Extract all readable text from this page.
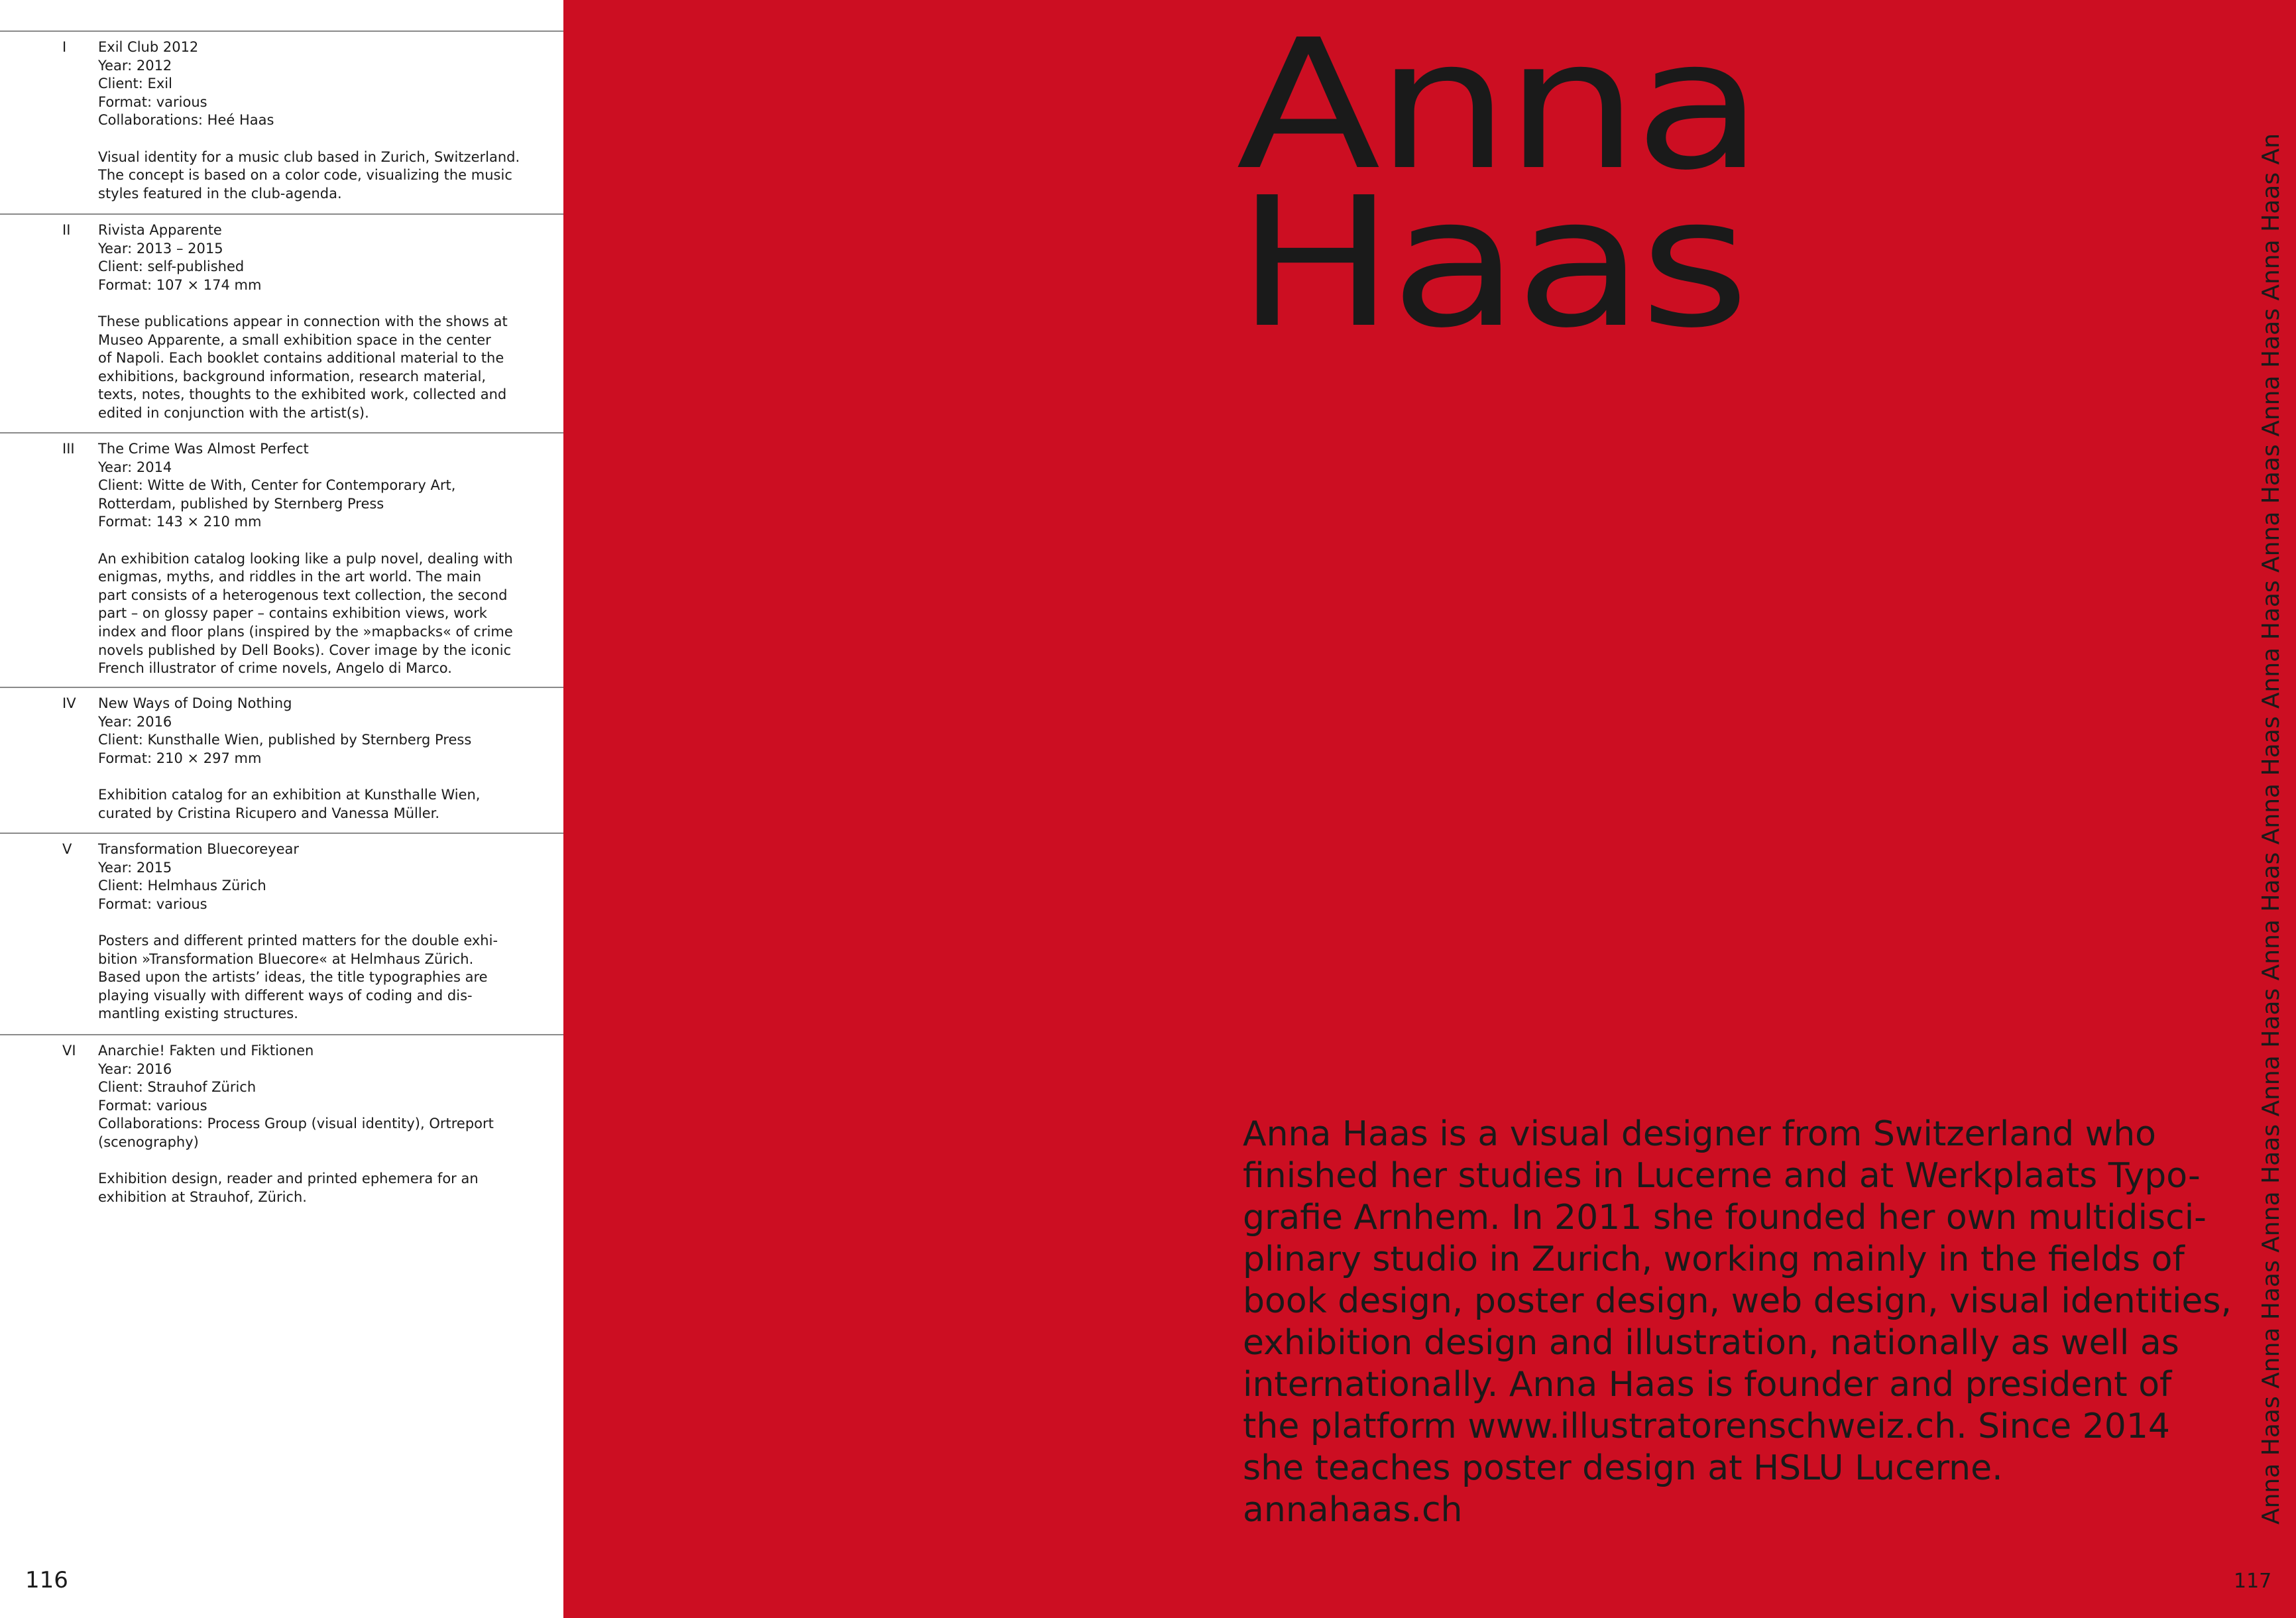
I Exil Club 2012
Year: 2012
Client: Exil
Format: various
Collaborations: Heé Haas
Visual identity for a music club based in Zurich, Switzerland.
The concept is based on a color code, visualizing the music
styles featured in the club-agenda.
II Rivista Apparente
Year: 2013 – 2015
Client: self-published
Format: 107 × 174 mm
These publications appear in connection with the shows at
Museo Apparente, a small exhibition space in the center
of Napoli. Each booklet contains additional material to the
exhibitions, background information, research material,
texts, notes, thoughts to the exhibited work, collected and
edited in conjunction with the artist(s).
III The Crime Was Almost Perfect
Year: 2014
Client: Witte de With, Center for Contemporary Art,
Rotterdam, published by Sternberg Press
Format: 143 × 210 mm
An exhibition catalog looking like a pulp novel, dealing with
enigmas, myths, and riddles in the art world. The main
part consists of a heterogenous text collection, the second
part – on glossy paper – contains exhibition views, work
index and floor plans (inspired by the »mapbacks« of crime
novels published by Dell Books). Cover image by the iconic
French illustrator of crime novels, Angelo di Marco.
IV New Ways of Doing Nothing
Year: 2016
Client: Kunsthalle Wien, published by Sternberg Press
Format: 210 × 297 mm
Exhibition catalog for an exhibition at Kunsthalle Wien,
curated by Cristina Ricupero and Vanessa Müller.
V Transformation Bluecoreyear
Year: 2015
Client: Helmhaus Zürich
Format: various
Posters and different printed matters for the double exhi-
bition »Transformation Bluecore« at Helmhaus Zürich.
Based upon the artists’ ideas, the title typographies are
playing visually with different ways of coding and dis-
mantling existing structures.
VI Anarchie! Fakten und Fiktionen
Year: 2016
Client: Strauhof Zürich
Format: various
Collaborations: Process Group (visual identity), Ortreport
(scenography)
Exhibition design, reader and printed ephemera for an
exhibition at Strauhof, Zürich.
116
Anna
Haas
Anna Haas is a visual designer from Switzerland who
finished her studies in Lucerne and at Werkplaats Typo-
grafie Arnhem. In 2011 she founded her own multidisci-
plinary studio in Zurich, working mainly in the fields of
book design, poster design, web design, visual identities,
exhibition design and illustration, nationally as well as
internationally. Anna Haas is founder and president of
the platform www.illustratorenschweiz.ch. Since 2014
she teaches poster design at HSLU Lucerne.
annahaas.ch	Anna Haas Anna Haas Anna Haas Anna Haas Anna Haas Anna Haas Anna Haas Anna Haas Anna Haas Anna Haas An
117
